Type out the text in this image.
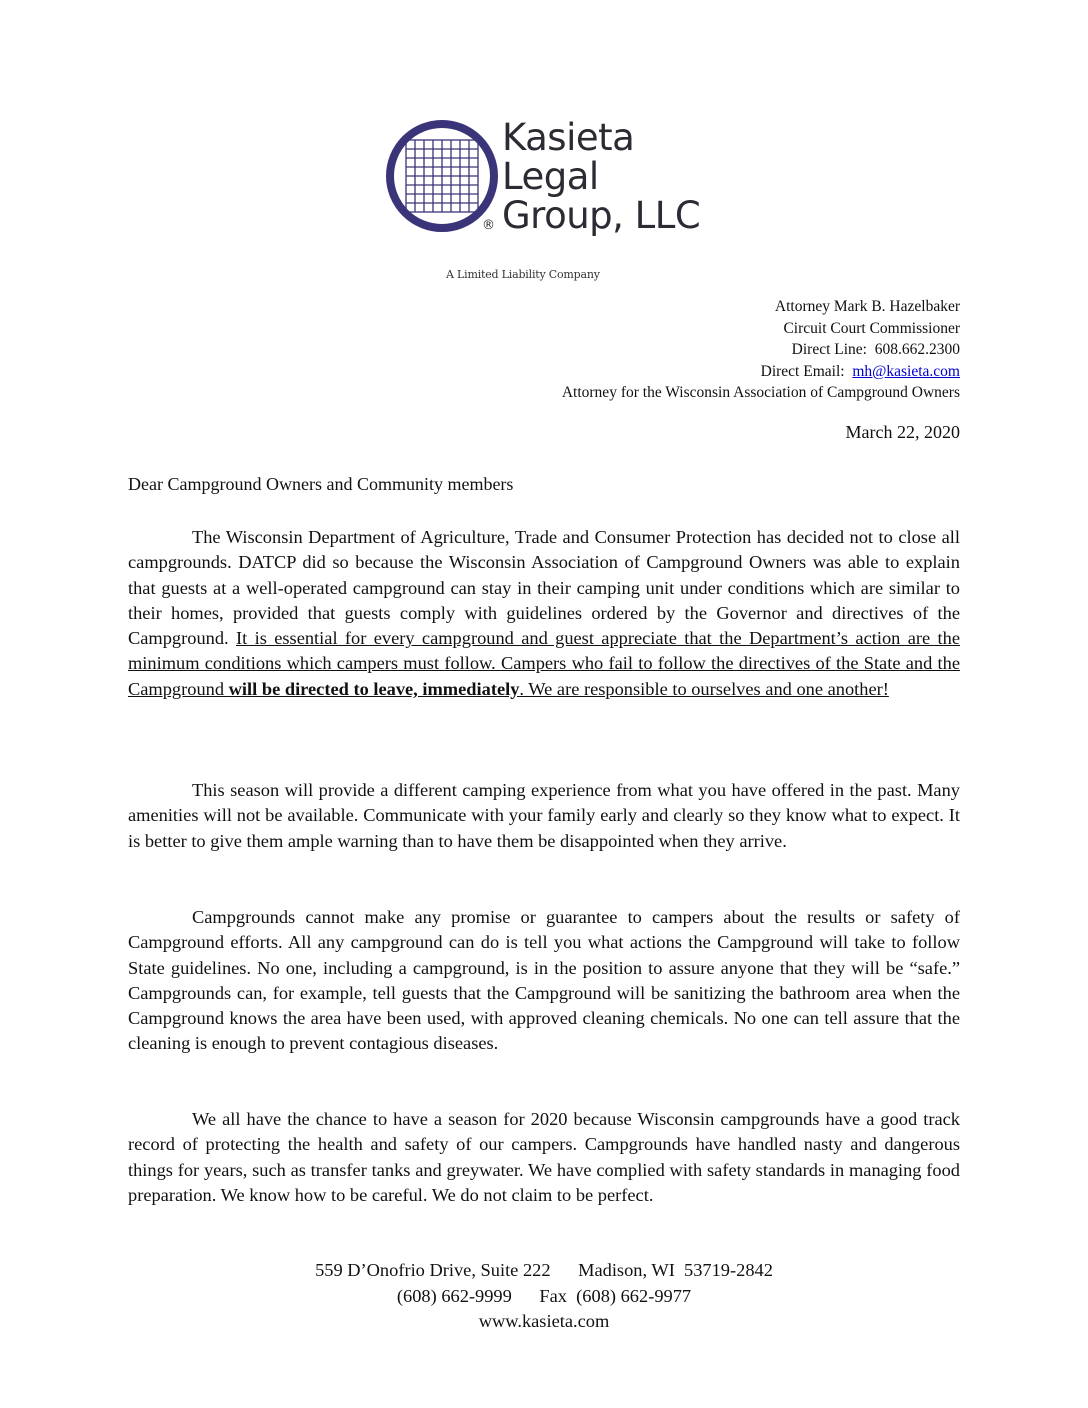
Kasieta
Legal
Group, LLC
®
A Limited Liability Company
Attorney Mark B. Hazelbaker
Circuit Court Commissioner
Direct Line: 608.662.2300
Direct Email: mh@kasieta.com
Attorney for the Wisconsin Association of Campground Owners
March 22, 2020
Dear Campground Owners and Community members

The Wisconsin Department of Agriculture, Trade and Consumer Protection has decided not to close all campgrounds. DATCP did so because the Wisconsin Association of Campground Owners was able to explain that guests at a well-operated campground can stay in their camping unit under conditions which are similar to their homes, provided that guests comply with guidelines ordered by the Governor and directives of the Campground. It is essential for every campground and guest appreciate that the Department’s action are the minimum conditions which campers must follow. Campers who fail to follow the directives of the State and the Campground will be directed to leave, immediately. We are responsible to ourselves and one another!

This season will provide a different camping experience from what you have offered in the past. Many amenities will not be available. Communicate with your family early and clearly so they know what to expect. It is better to give them ample warning than to have them be disappointed when they arrive.

Campgrounds cannot make any promise or guarantee to campers about the results or safety of Campground efforts. All any campground can do is tell you what actions the Campground will take to follow State guidelines. No one, including a campground, is in the position to assure anyone that they will be “safe.” Campgrounds can, for example, tell guests that the Campground will be sanitizing the bathroom area when the Campground knows the area have been used, with approved cleaning chemicals. No one can tell assure that the cleaning is enough to prevent contagious diseases.

We all have the chance to have a season for 2020 because Wisconsin campgrounds have a good track record of protecting the health and safety of our campers. Campgrounds have handled nasty and dangerous things for years, such as transfer tanks and greywater. We have complied with safety standards in managing food preparation. We know how to be careful. We do not claim to be perfect.

559 D’Onofrio Drive, Suite 222      Madison, WI  53719-2842
(608) 662-9999      Fax  (608) 662-9977
www.kasieta.com
